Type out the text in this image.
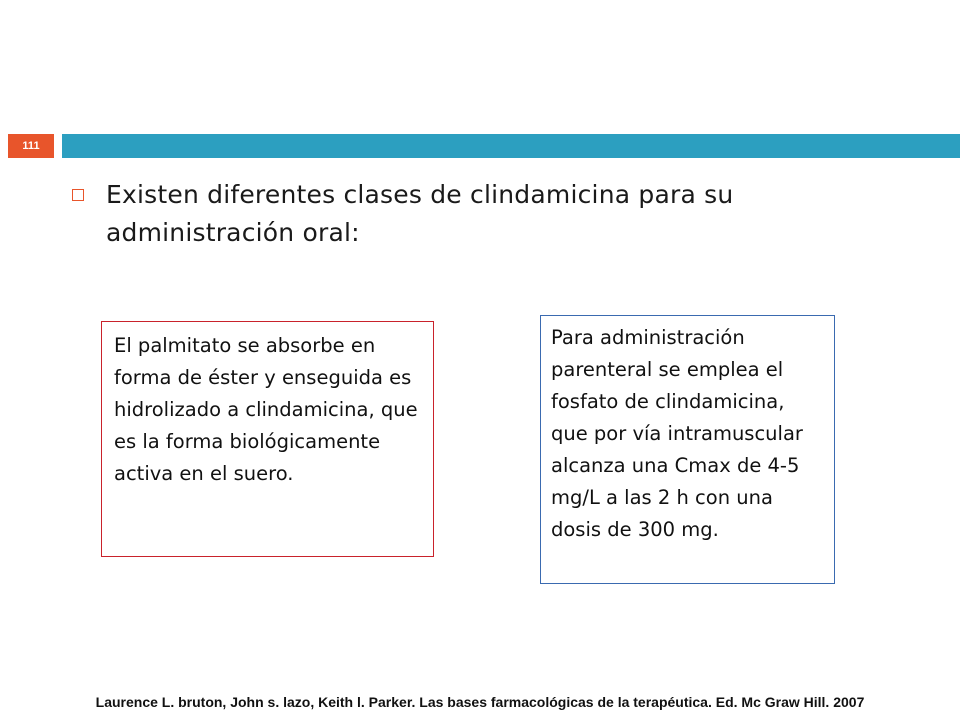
111
Existen diferentes clases de clindamicina para su administración oral:

El palmitato se absorbe en forma de éster y enseguida es hidrolizado a clindamicina, que es la forma biológicamente activa en el suero.

Para administración parenteral se emplea el fosfato de clindamicina, que por vía intramuscular alcanza una Cmax de 4-5 mg/L a las 2 h con una dosis de 300 mg.

Laurence L. bruton, John s. lazo, Keith l. Parker. Las bases farmacológicas de la terapéutica. Ed. Mc Graw Hill. 2007
